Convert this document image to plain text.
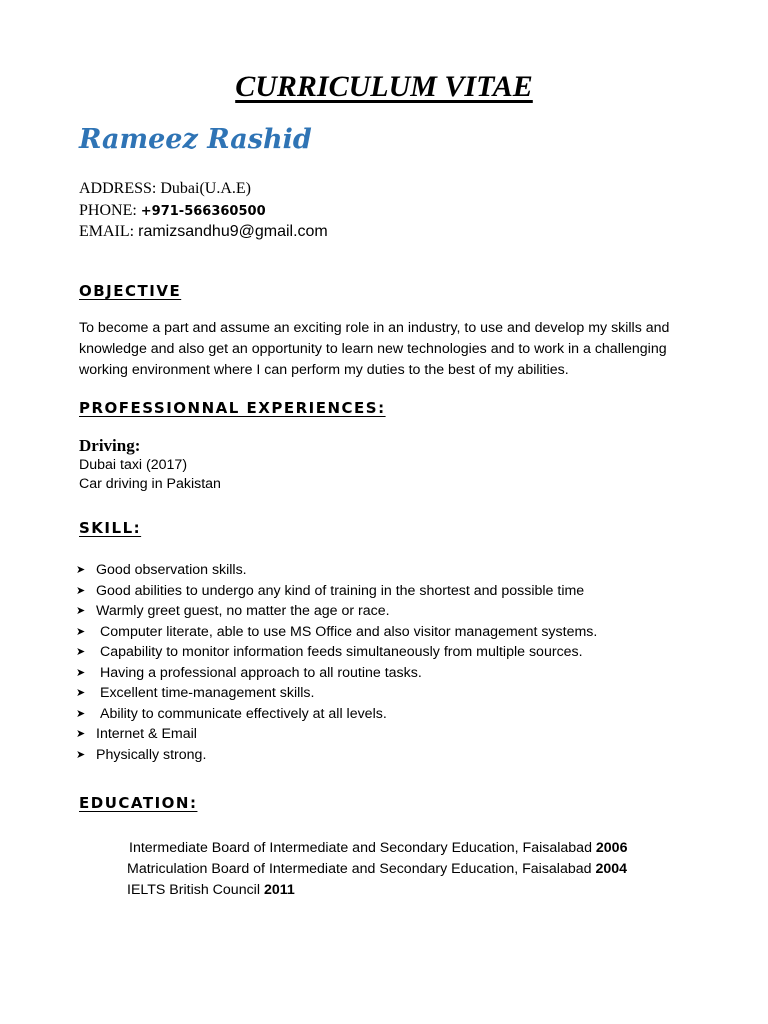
CURRICULUM VITAE
Rameez Rashid
ADDRESS: Dubai(U.A.E)
PHONE: +971-566360500
EMAIL: ramizsandhu9@gmail.com
OBJECTIVE
To become a part and assume an exciting role in an industry, to use and develop my skills and
knowledge and also get an opportunity to learn new technologies and to work in a challenging
working environment where I can perform my duties to the best of my abilities.
PROFESSIONNAL EXPERIENCES:
Driving:
Dubai taxi (2017)
Car driving in Pakistan
SKILL:
➤ Good observation skills.
➤ Good abilities to undergo any kind of training in the shortest and possible time
➤ Warmly greet guest, no matter the age or race.
➤	Computer literate, able to use MS Office and also visitor management systems.
➤	Capability to monitor information feeds simultaneously from multiple sources.
➤	Having a professional approach to all routine tasks.
➤	Excellent time-management skills.
➤	Ability to communicate effectively at all levels.
➤ Internet & Email
➤ Physically strong.
EDUCATION:
Intermediate Board of Intermediate and Secondary Education, Faisalabad 2006
Matriculation Board of Intermediate and Secondary Education, Faisalabad 2004
IELTS British Council 2011
